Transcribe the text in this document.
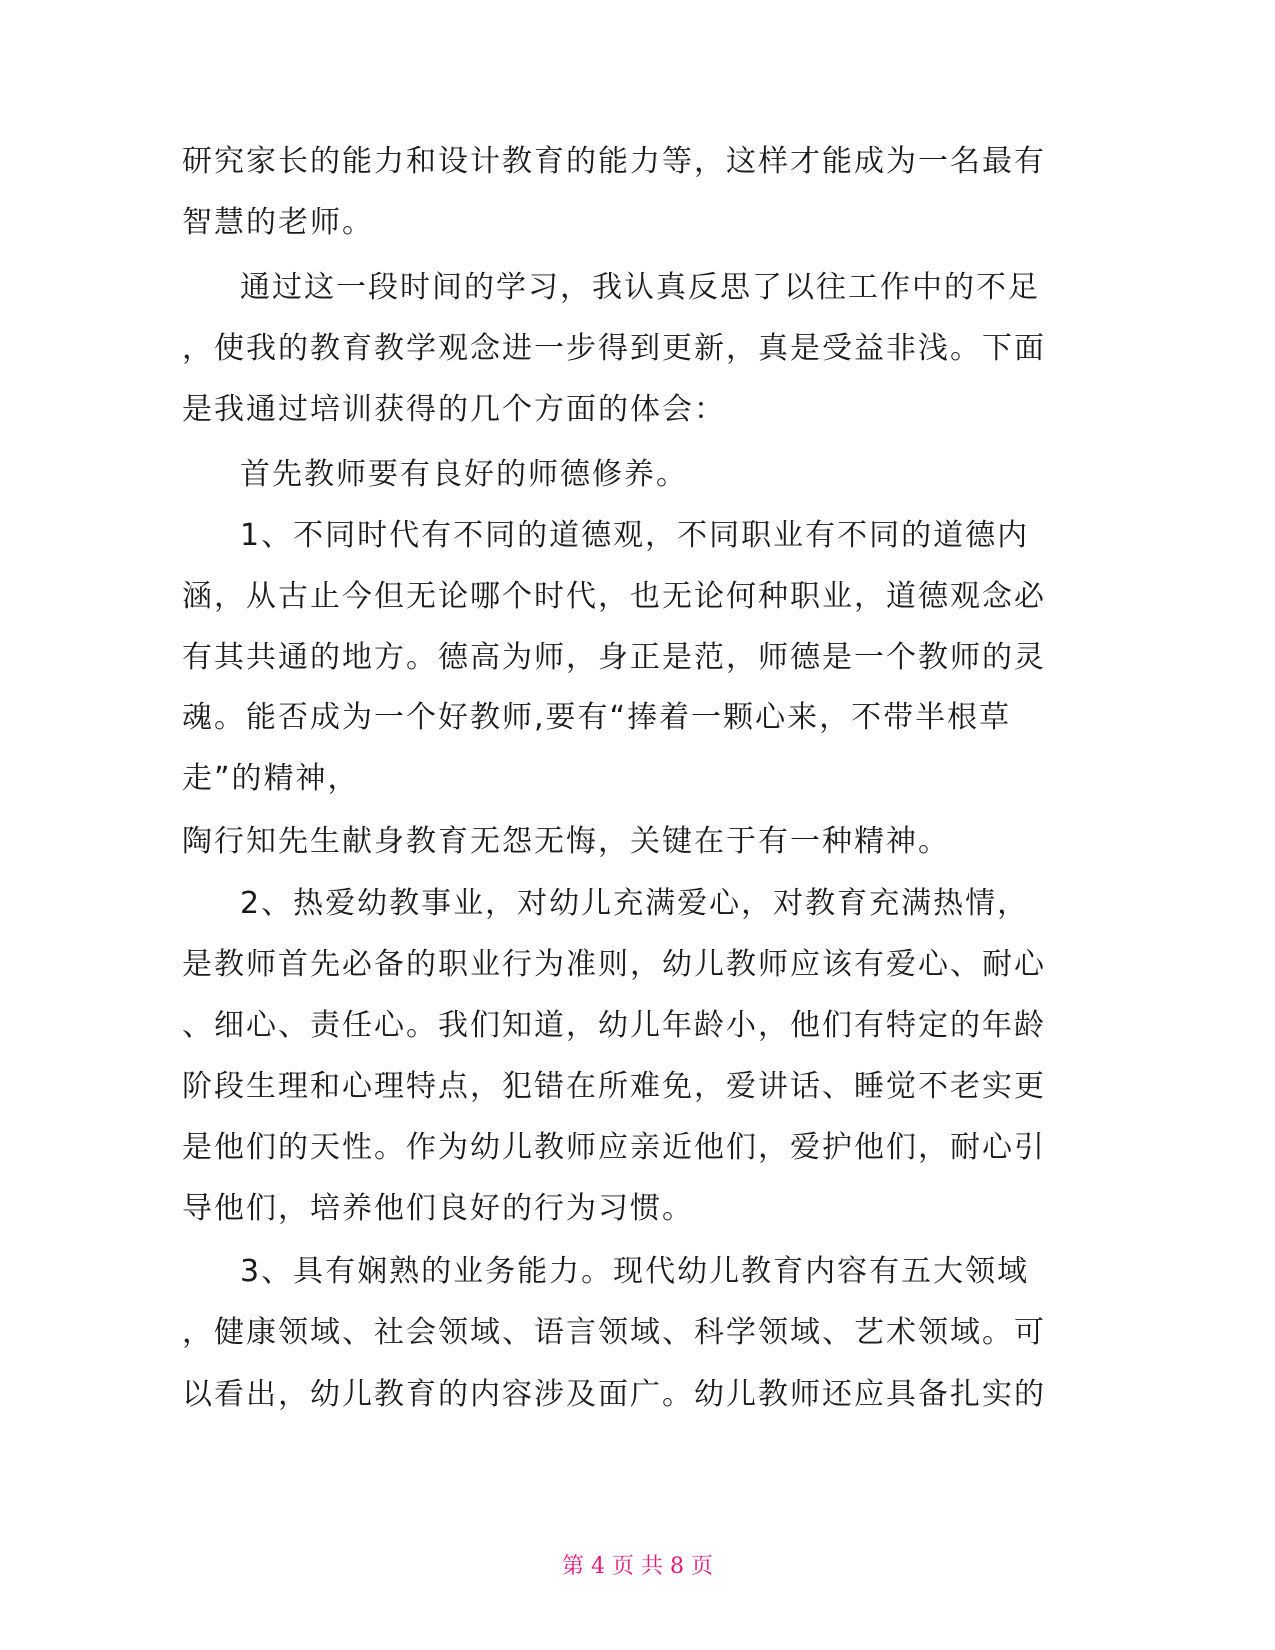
研究家长的能力和设计教育的能力等，这样才能成为一名最有
智慧的老师。
通过这一段时间的学习，我认真反思了以往工作中的不足
，使我的教育教学观念进一步得到更新，真是受益非浅。下面
是我通过培训获得的几个方面的体会：
首先教师要有良好的师德修养。
1、不同时代有不同的道德观，不同职业有不同的道德内
涵，从古止今但无论哪个时代，也无论何种职业，道德观念必
有其共通的地方。德高为师，身正是范，师德是一个教师的灵
魂。能否成为一个好教师,要有“捧着一颗心来，不带半根草
走”的精神，
陶行知先生献身教育无怨无悔，关键在于有一种精神。
2、热爱幼教事业，对幼儿充满爱心，对教育充满热情，
是教师首先必备的职业行为准则，幼儿教师应该有爱心、耐心
、细心、责任心。我们知道，幼儿年龄小，他们有特定的年龄
阶段生理和心理特点，犯错在所难免，爱讲话、睡觉不老实更
是他们的天性。作为幼儿教师应亲近他们，爱护他们，耐心引
导他们，培养他们良好的行为习惯。
3、具有娴熟的业务能力。现代幼儿教育内容有五大领域
，健康领域、社会领域、语言领域、科学领域、艺术领域。可
以看出，幼儿教育的内容涉及面广。幼儿教师还应具备扎实的
第 4 页 共 8 页
